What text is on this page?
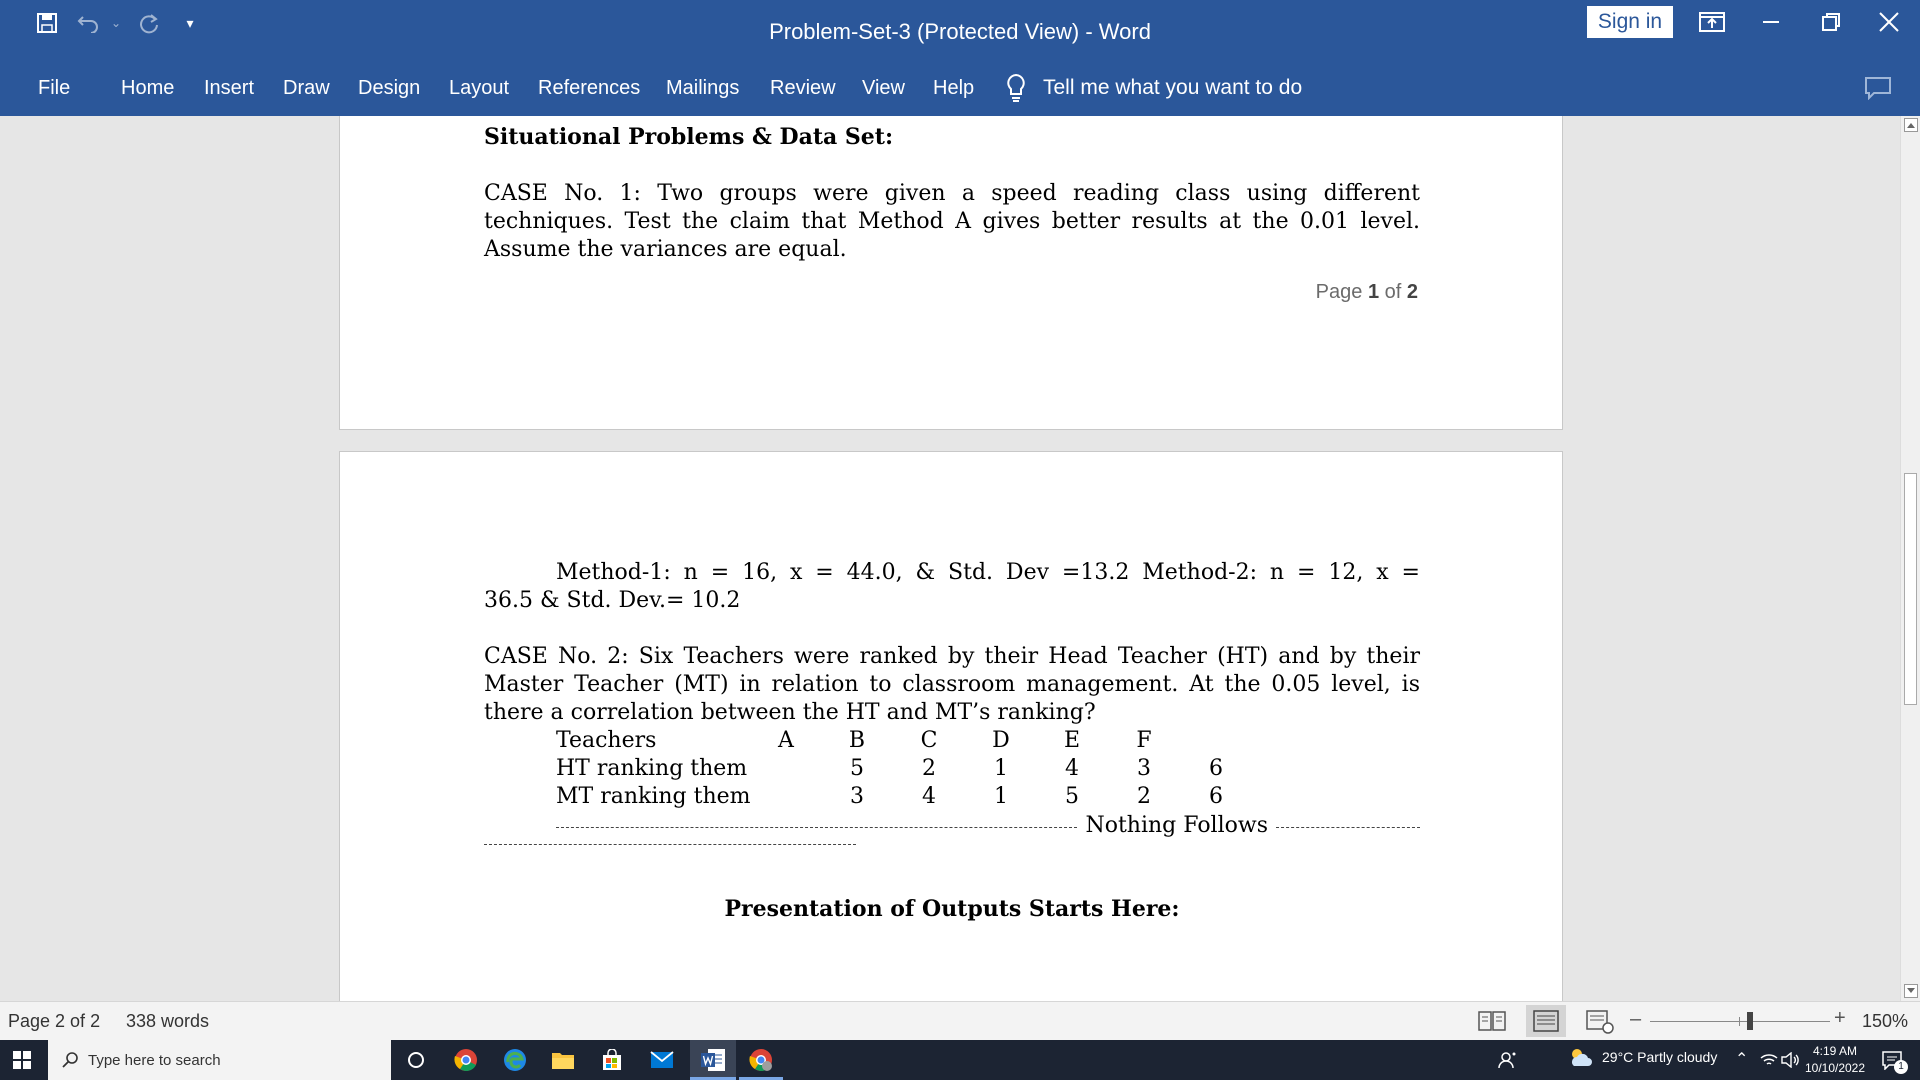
⌄	▾	Problem-Set-3 (Protected View) - Word	Sign in
File	Home Insert Draw Design Layout References Mailings Review View Help	Tell me what you want to do
Situational Problems & Data Set:
CASE No. 1: Two groups were given a speed reading class using different
techniques. Test the claim that Method A gives better results at the 0.01 level.
Assume the variances are equal.
Page 1 of 2
Method-1: n = 16, x = 44.0, & Std. Dev =13.2 Method-2: n = 12, x =
36.5 & Std. Dev.= 10.2
CASE No. 2: Six Teachers were ranked by their Head Teacher (HT) and by their
Master Teacher (MT) in relation to classroom management. At the 0.05 level, is
there a correlation between the HT and MT’s ranking?
Teachers	A	B	C D	E	F
HT ranking them	5	2	1	4	3	6
MT ranking them	3	4	1	5	2	6
Nothing Follows
Presentation of Outputs Starts Here:
Page 2 of 2 338 words	–	+ 150%
Type here to search	29°C Partly cloudy ⌃	4:19 AM
10/10/2022	1
